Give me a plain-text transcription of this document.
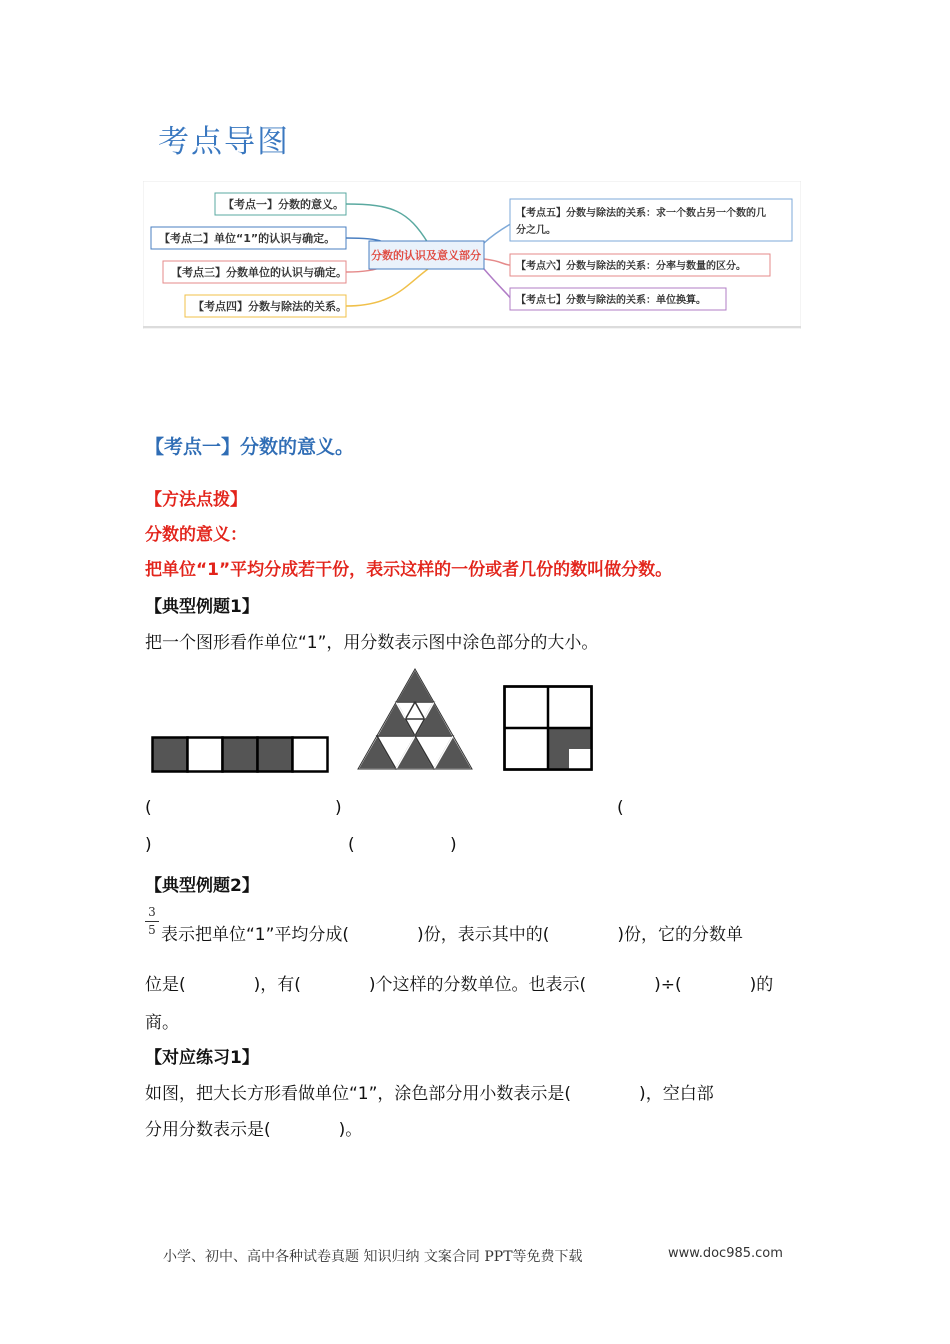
考点导图
【考点一】分数的意义。
【考点二】单位“1”的认识与确定。
【考点三】分数单位的认识与确定。
【考点四】分数与除法的关系。
分数的认识及意义部分
【考点五】分数与除法的关系：求一个数占另一个数的几
分之几。
【考点六】分数与除法的关系：分率与数量的区分。
【考点七】分数与除法的关系：单位换算。
【考点一】分数的意义。
【方法点拨】
分数的意义：
把单位“1”平均分成若干份，表示这样的一份或者几份的数叫做分数。
【典型例题1】
把一个图形看作单位“1”，用分数表示图中涂色部分的大小。
(	)	(
)	(	)
【典型例题2】
3
5 表示把单位“1”平均分成(　　　　)份，表示其中的(　　　　)份，它的分数单
位是(　　　　)，有(　　　　)个这样的分数单位。也表示(　　　　)÷(　　　　)的
商。
【对应练习1】
如图，把大长方形看做单位“1”，涂色部分用小数表示是(　　　　)，空白部
分用分数表示是(　　　　)。
小学、初中、高中各种试卷真题 知识归纳 文案合同 PPT等免费下载	www.doc985.com
